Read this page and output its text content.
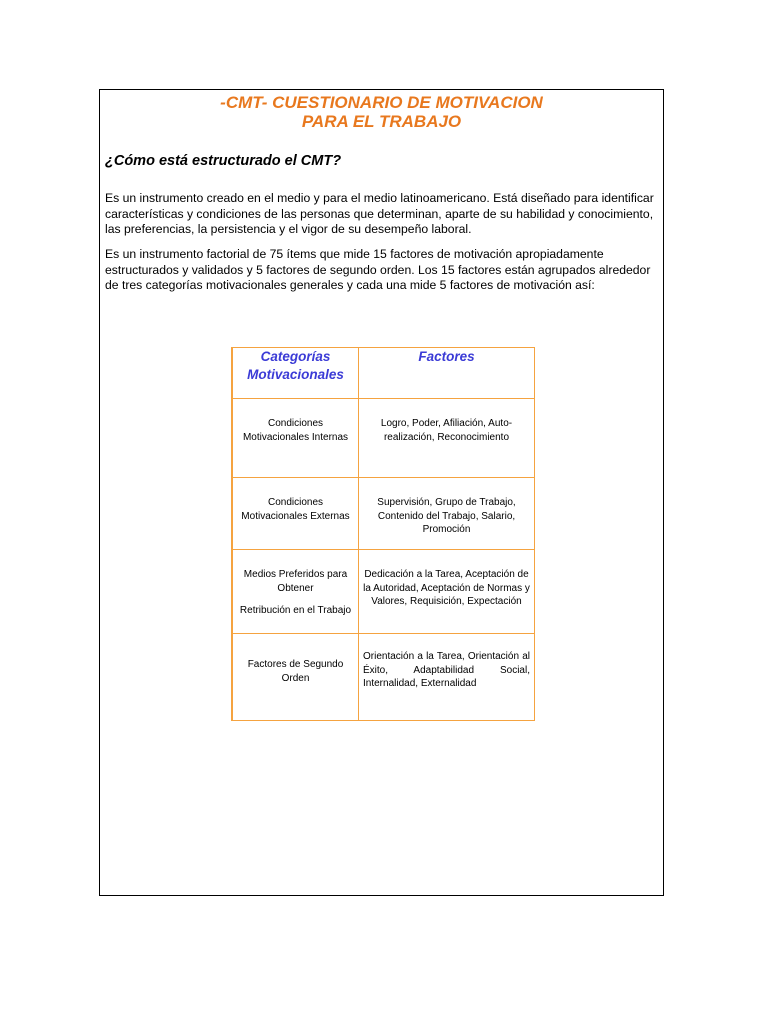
-CMT- CUESTIONARIO DE MOTIVACION
PARA EL TRABAJO
¿Cómo está estructurado el CMT?
Es un instrumento creado en el medio y para el medio latinoamericano. Está diseñado para identificar características y condiciones de las personas que determinan, aparte de su habilidad y conocimiento, las preferencias, la persistencia y el vigor de su desempeño laboral.
Es un instrumento factorial de 75 ítems que mide 15 factores de motivación apropiadamente estructurados y validados y 5 factores de segundo orden. Los 15 factores están agrupados alrededor de tres categorías motivacionales generales y cada una mide 5 factores de motivación así:
Categorías Motivacionales	Factores

Condiciones Motivacionales Internas	Logro, Poder, Afiliación, Auto-realización, Reconocimiento

Condiciones Motivacionales Externas	Supervisión, Grupo de Trabajo, Contenido del Trabajo, Salario, Promoción

Medios Preferidos para Obtener
Retribución en el Trabajo	Dedicación a la Tarea, Aceptación de la Autoridad, Aceptación de Normas y Valores, Requisición, Expectación

Factores de Segundo Orden	Orientación a la Tarea, Orientación al Éxito, Adaptabilidad Social, Internalidad, Externalidad
